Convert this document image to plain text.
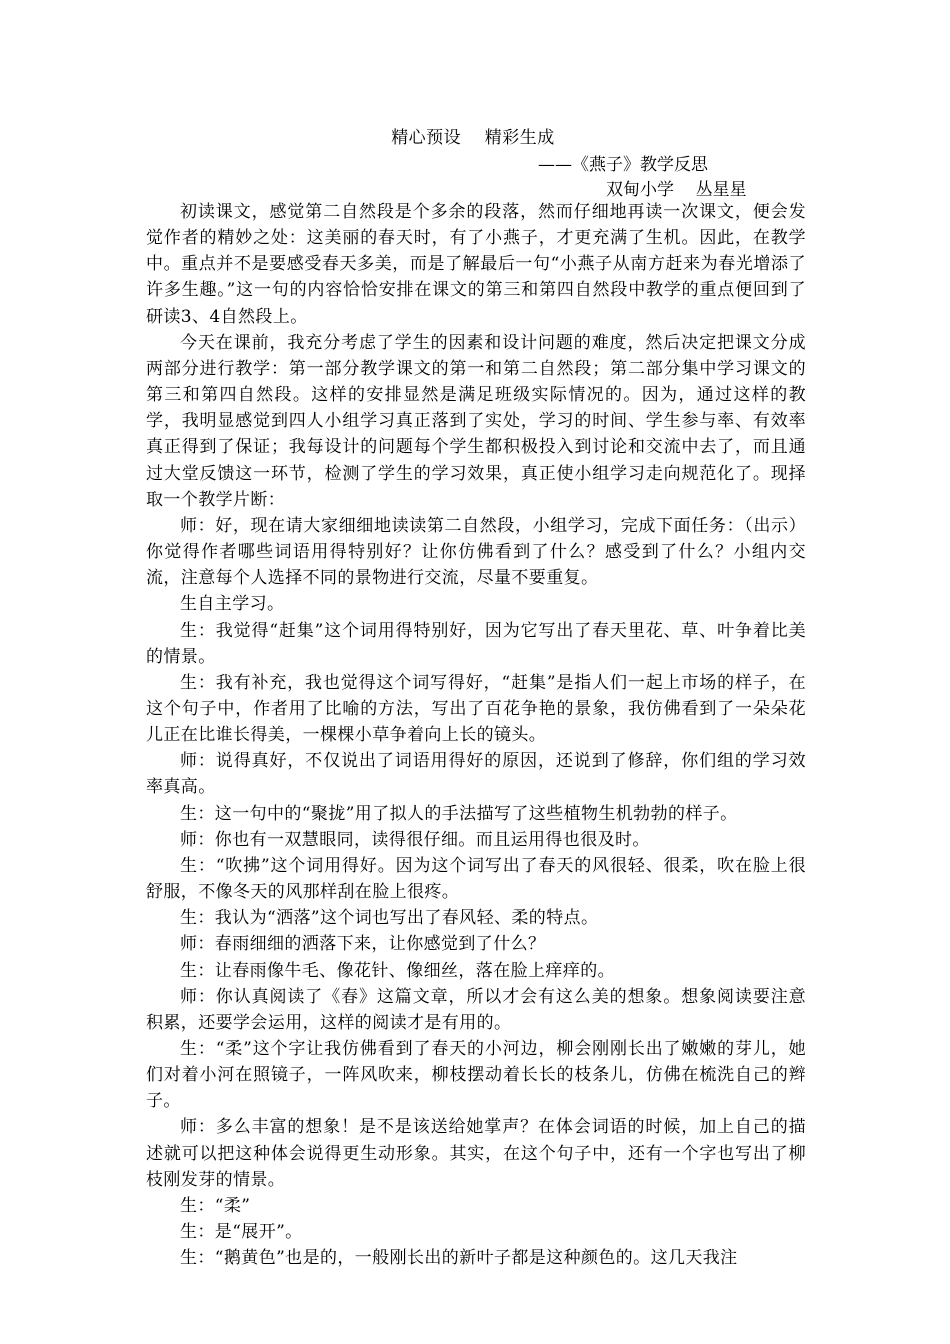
精心预设    精彩生成
——《燕子》教学反思
双甸小学    丛星星

初读课文，感觉第二自然段是个多余的段落，然而仔细地再读一次课文，便会发觉作者的精妙之处：这美丽的春天时，有了小燕子，才更充满了生机。因此，在教学中。重点并不是要感受春天多美，而是了解最后一句“小燕子从南方赶来为春光增添了许多生趣。”这一句的内容恰恰安排在课文的第三和第四自然段中教学的重点便回到了研读3、4自然段上。

今天在课前，我充分考虑了学生的因素和设计问题的难度，然后决定把课文分成两部分进行教学：第一部分教学课文的第一和第二自然段；第二部分集中学习课文的第三和第四自然段。这样的安排显然是满足班级实际情况的。因为，通过这样的教学，我明显感觉到四人小组学习真正落到了实处，学习的时间、学生参与率、有效率真正得到了保证；我每设计的问题每个学生都积极投入到讨论和交流中去了，而且通过大堂反馈这一环节，检测了学生的学习效果，真正使小组学习走向规范化了。现择取一个教学片断：

师：好，现在请大家细细地读读第二自然段，小组学习，完成下面任务：（出示）你觉得作者哪些词语用得特别好？让你仿佛看到了什么？感受到了什么？小组内交流，注意每个人选择不同的景物进行交流，尽量不要重复。

生自主学习。

生：我觉得“赶集”这个词用得特别好，因为它写出了春天里花、草、叶争着比美的情景。

生：我有补充，我也觉得这个词写得好，“赶集”是指人们一起上市场的样子，在这个句子中，作者用了比喻的方法，写出了百花争艳的景象，我仿佛看到了一朵朵花儿正在比谁长得美，一棵棵小草争着向上长的镜头。

师：说得真好，不仅说出了词语用得好的原因，还说到了修辞，你们组的学习效率真高。

生：这一句中的“聚拢”用了拟人的手法描写了这些植物生机勃勃的样子。

师：你也有一双慧眼同，读得很仔细。而且运用得也很及时。

生：“吹拂”这个词用得好。因为这个词写出了春天的风很轻、很柔，吹在脸上很舒服，不像冬天的风那样刮在脸上很疼。

生：我认为“洒落”这个词也写出了春风轻、柔的特点。

师：春雨细细的洒落下来，让你感觉到了什么？

生：让春雨像牛毛、像花针、像细丝，落在脸上痒痒的。

师：你认真阅读了《春》这篇文章，所以才会有这么美的想象。想象阅读要注意积累，还要学会运用，这样的阅读才是有用的。

生：“柔”这个字让我仿佛看到了春天的小河边，柳会刚刚长出了嫩嫩的芽儿，她们对着小河在照镜子，一阵风吹来，柳枝摆动着长长的枝条儿，仿佛在梳洗自己的辫子。

师：多么丰富的想象！是不是该送给她掌声？在体会词语的时候，加上自己的描述就可以把这种体会说得更生动形象。其实，在这个句子中，还有一个字也写出了柳枝刚发芽的情景。

生：“柔”

生：是“展开”。

生：“鹅黄色”也是的，一般刚长出的新叶子都是这种颜色的。这几天我注
